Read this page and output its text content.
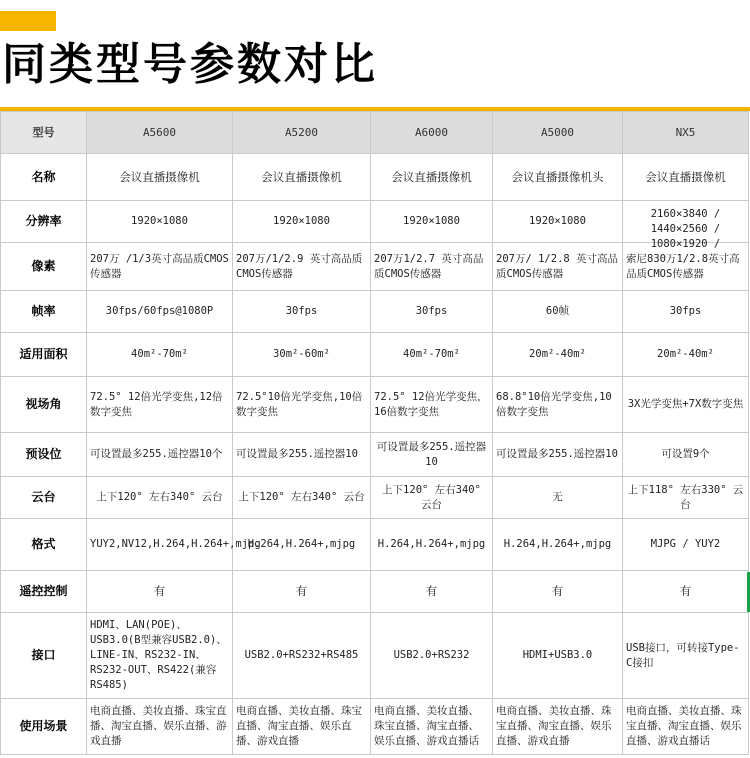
同类型号参数对比
型号	A5600	A5200	A6000	A5000	NX5
名称	会议直播摄像机	会议直播摄像机	会议直播摄像机	会议直播摄像机头	会议直播摄像机
分辨率	1920×1080	1920×1080	1920×1080	1920×1080	2160×3840 / 1440×2560 / 1080×1920 /

像素	207万 /1/3英寸高品质CMOS传感器	207万/1/2.9 英寸高品质CMOS传感器	207万1/2.7 英寸高品质CMOS传感器	207万/ 1/2.8 英寸高品质CMOS传感器	索尼830万1/2.8英寸高品质CMOS传感器
帧率	30fps/60fps@1080P	30fps	30fps	60帧	30fps
适用面积	40m²-70m²	30m²-60m²	40m²-70m²	20m²-40m²	20m²-40m²
视场角	72.5° 12倍光学变焦,12倍数字变焦	72.5°10倍光学变焦,10倍数字变焦	72.5° 12倍光学变焦，16倍数字变焦	68.8°10倍光学变焦,10倍数字变焦	3X光学变焦+7X数字变焦
预设位	可设置最多255.遥控器10个	可设置最多255.遥控器10	可设置最多255.遥控器10	可设置最多255.遥控器10	可设置9个
云台	上下120° 左右340° 云台	上下120° 左右340° 云台	上下120° 左右340° 云台	无	上下118° 左右330° 云台
格式	YUY2,NV12,H.264,H.264+,mjpg	H.264,H.264+,mjpg	H.264,H.264+,mjpg	H.264,H.264+,mjpg	MJPG / YUY2
遥控控制	有	有	有	有	有
接口	HDMI、LAN(POE)、USB3.0(B型兼容USB2.0)、LINE-IN、RS232-IN、RS232-OUT、RS422(兼容RS485)	USB2.0+RS232+RS485	USB2.0+RS232	HDMI+USB3.0	USB接口，可转接Type-C接扣
使用场景	电商直播、美妆直播、珠宝直播、淘宝直播、娱乐直播、游戏直播	电商直播、美妆直播、珠宝直播、淘宝直播、娱乐直播、游戏直播	电商直播、美妆直播、珠宝直播、淘宝直播、娱乐直播、游戏直播话	电商直播、美妆直播、珠宝直播、淘宝直播、娱乐直播、游戏直播	电商直播、美妆直播、珠宝直播、淘宝直播、娱乐直播、游戏直播话
